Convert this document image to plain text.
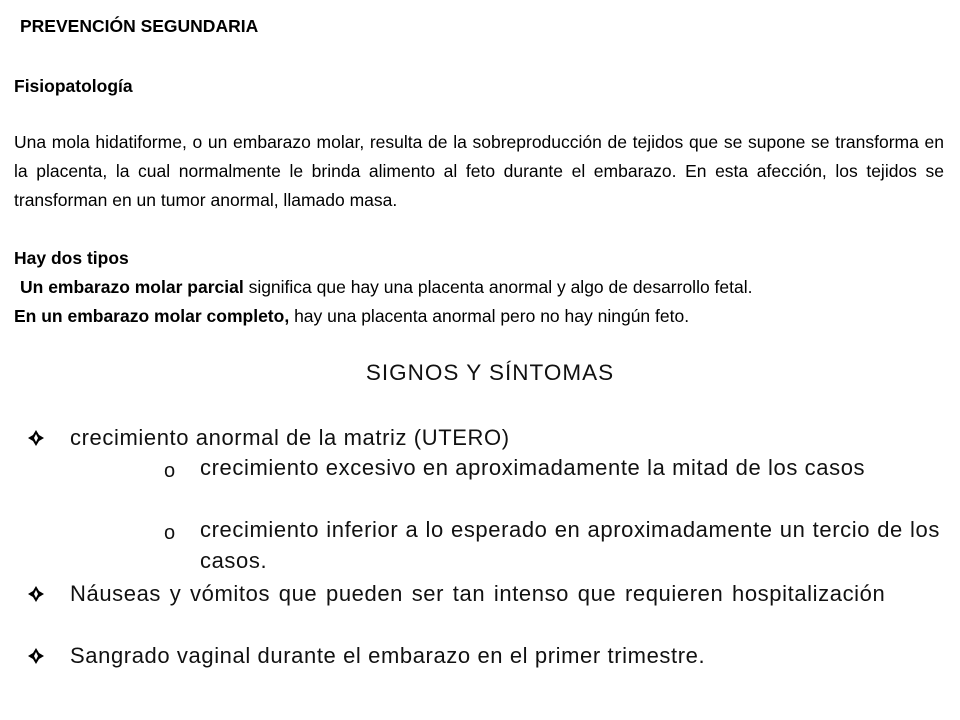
PREVENCIÓN SEGUNDARIA
Fisiopatología
Una mola hidatiforme, o un embarazo molar, resulta de la sobreproducción de tejidos que se supone se transforma en la placenta, la cual normalmente le brinda alimento al feto durante el embarazo. En esta afección, los tejidos se transforman en un tumor anormal, llamado masa.
Hay dos tipos
Un embarazo molar parcial significa que hay una placenta anormal y algo de desarrollo fetal.
En un embarazo molar completo, hay una placenta anormal pero no hay ningún feto.
SIGNOS Y SÍNTOMAS
crecimiento anormal de la matriz (UTERO)
o crecimiento excesivo en aproximadamente la mitad de los casos
o crecimiento inferior a lo esperado en aproximadamente un tercio de los casos.
Náuseas y vómitos que pueden ser tan intenso que requieren hospitalización
Sangrado vaginal durante el embarazo en el primer trimestre.
